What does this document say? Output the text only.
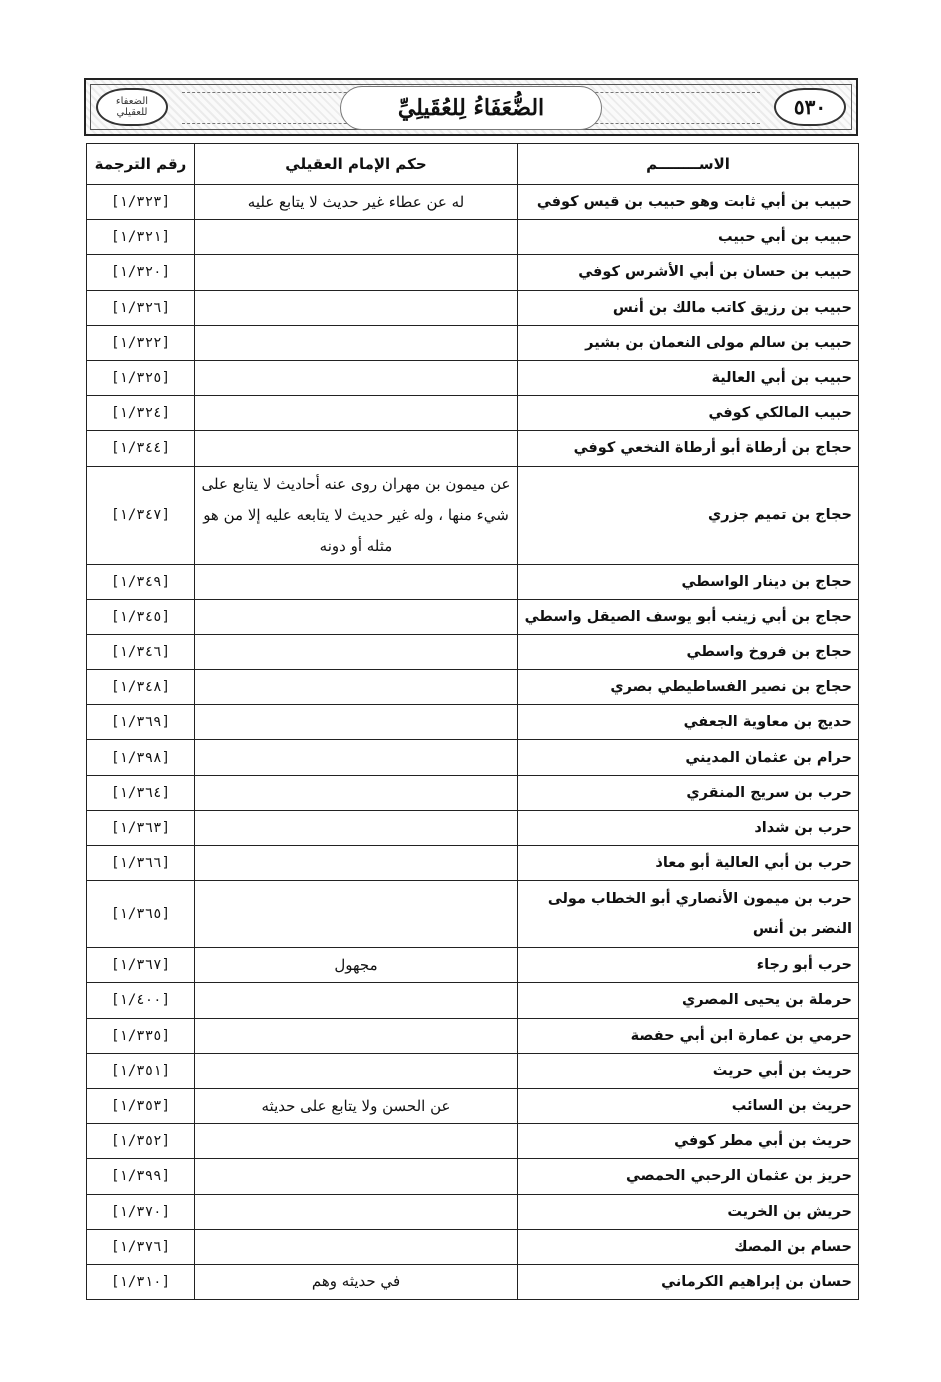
الضعفاء
للعقيلي	الضُّعَفَاءُ لِلعُقَيلِيِّ	٥٣٠
الاســــــــم	حكم الإمام العقيلي	رقم الترجمة
حبيب بن أبي ثابت وهو حبيب بن قيس كوفي	له عن عطاء غير حديث لا يتابع عليه	[١/٣٢٣]
حبيب بن أبي حبيب		[١/٣٢١]
حبيب بن حسان بن أبي الأشرس كوفي		[١/٣٢٠]
حبيب بن رزيق كاتب مالك بن أنس		[١/٣٢٦]
حبيب بن سالم مولى النعمان بن بشير		[١/٣٢٢]
حبيب بن أبي العالية		[١/٣٢٥]
حبيب المالكي كوفي		[١/٣٢٤]
حجاج بن أرطاة أبو أرطاة النخعي كوفي		[١/٣٤٤]
حجاج بن تميم جزري	عن ميمون بن مهران روى عنه أحاديث لا يتابع على شيء منها ، وله غير حديث لا يتابعه عليه إلا من هو مثله أو دونه	[١/٣٤٧]
حجاج بن دينار الواسطي		[١/٣٤٩]
حجاج بن أبي زينب أبو يوسف الصيقل واسطي		[١/٣٤٥]
حجاج بن فروخ واسطي		[١/٣٤٦]
حجاج بن نصير الفساطيطي بصري		[١/٣٤٨]
حديج بن معاوية الجعفي		[١/٣٦٩]
حرام بن عثمان المديني		[١/٣٩٨]
حرب بن سريج المنقري		[١/٣٦٤]
حرب بن شداد		[١/٣٦٣]
حرب بن أبي العالية أبو معاذ		[١/٣٦٦]
حرب بن ميمون الأنصاري أبو الخطاب مولى النضر بن أنس		[١/٣٦٥]
حرب أبو رجاء	مجهول	[١/٣٦٧]
حرملة بن يحيى المصري		[١/٤٠٠]
حرمي بن عمارة ابن أبي حفصة		[١/٣٣٥]
حريث بن أبي حريث		[١/٣٥١]
حريث بن السائب	عن الحسن ولا يتابع على حديثه	[١/٣٥٣]
حريث بن أبي مطر كوفي		[١/٣٥٢]
حريز بن عثمان الرحبي الحمصي		[١/٣٩٩]
حريش بن الخريت		[١/٣٧٠]
حسام بن المصك		[١/٣٧٦]
حسان بن إبراهيم الكرماني	في حديثه وهم	[١/٣١٠]
